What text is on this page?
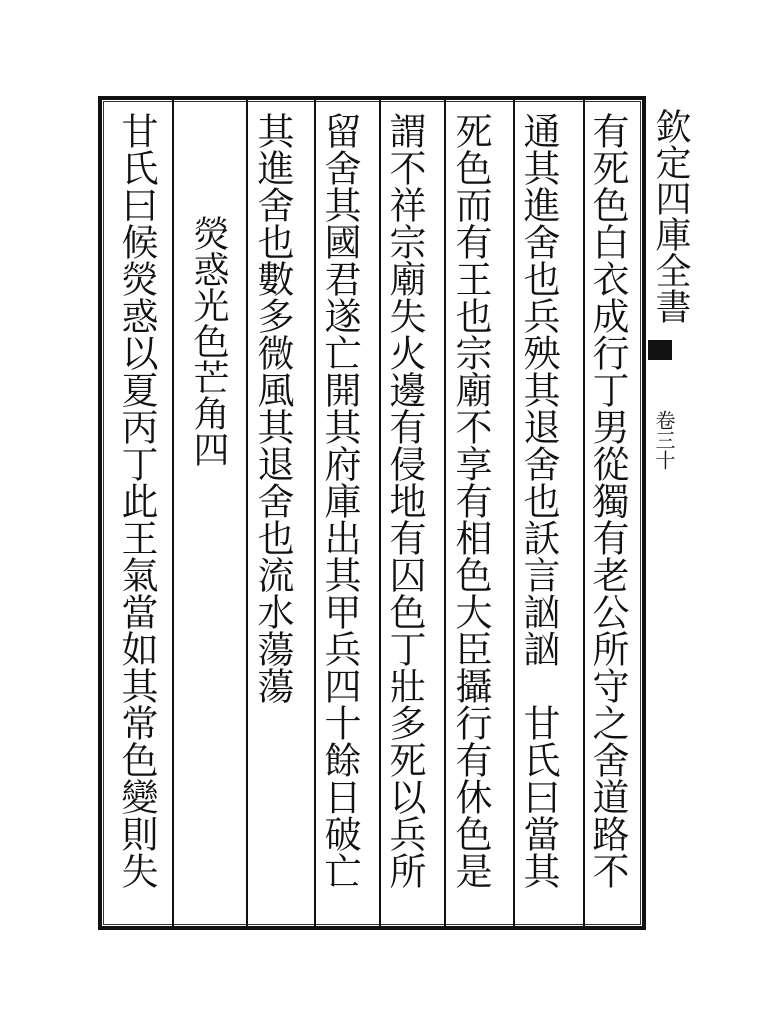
欽定四庫全書
卷三十
有死色白衣成行丁男從獨有老公所守之舍道路不
通其進舍也兵殃其退舍也訞言訩訩　甘氏曰當其
死色而有王也宗廟不享有相色大臣攝行有休色是
謂不祥宗廟失火邊有侵地有囚色丁壯多死以兵所
留舍其國君遂亡開其府庫出其甲兵四十餘日破亡
其進舍也數多微風其退舍也流水蕩蕩
熒惑光色芒角四
甘氏曰候熒惑以夏丙丁此王氣當如其常色變則失
